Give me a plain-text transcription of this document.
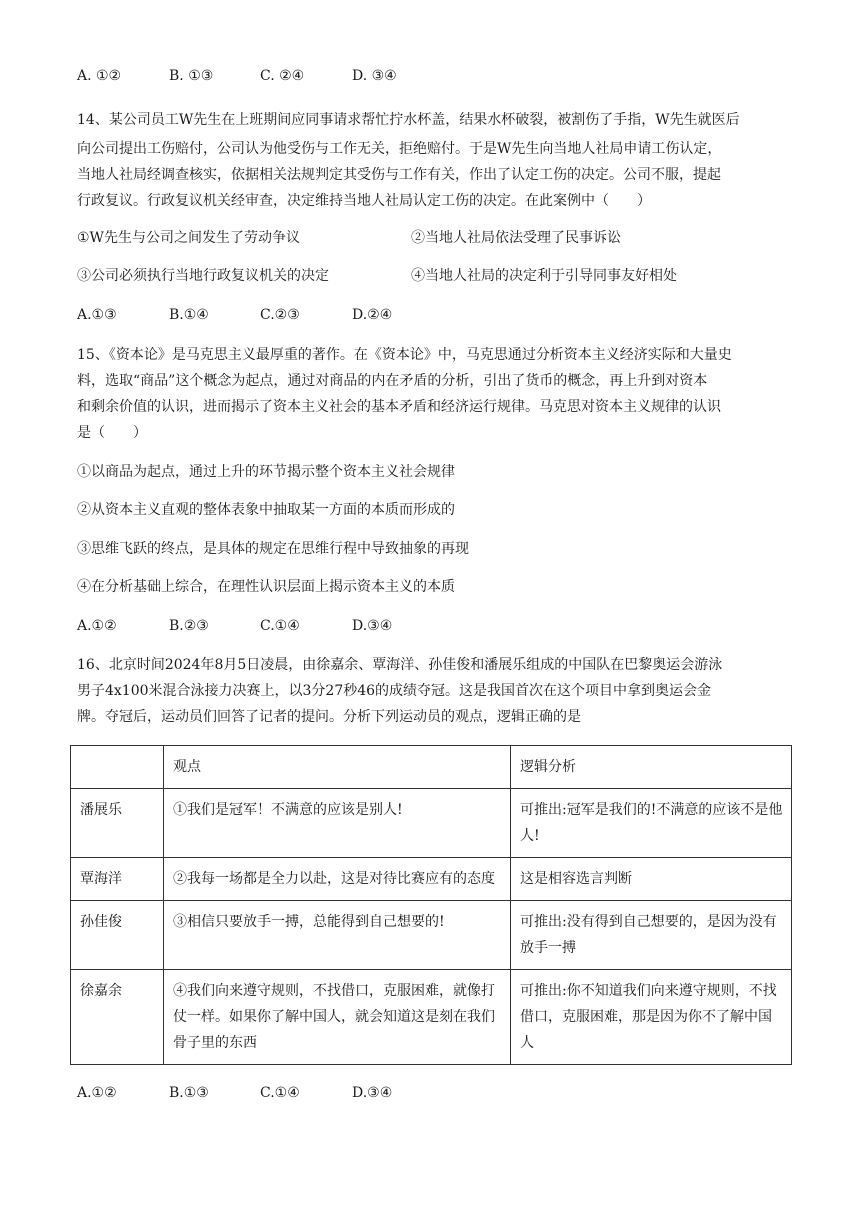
A. ①②	B. ①③	C. ②④	D. ③④
14、某公司员工W先生在上班期间应同事请求帮忙拧水杯盖，结果水杯破裂，被割伤了手指，W先生就医后
向公司提出工伤赔付，公司认为他受伤与工作无关，拒绝赔付。于是W先生向当地人社局申请工伤认定，
当地人社局经调查核实，依据相关法规判定其受伤与工作有关，作出了认定工伤的决定。公司不服，提起
行政复议。行政复议机关经审查，决定维持当地人社局认定工伤的决定。在此案例中（　　）
①W先生与公司之间发生了劳动争议	②当地人社局依法受理了民事诉讼
③公司必须执行当地行政复议机关的决定	④当地人社局的决定利于引导同事友好相处
A.①③	B.①④	C.②③	D.②④
15、《资本论》是马克思主义最厚重的著作。在《资本论》中，马克思通过分析资本主义经济实际和大量史
料，选取“商品”这个概念为起点，通过对商品的内在矛盾的分析，引出了货币的概念，再上升到对资本
和剩余价值的认识，进而揭示了资本主义社会的基本矛盾和经济运行规律。马克思对资本主义规律的认识
是（　　）
①以商品为起点，通过上升的环节揭示整个资本主义社会规律
②从资本主义直观的整体表象中抽取某一方面的本质而形成的
③思维飞跃的终点，是具体的规定在思维行程中导致抽象的再现
④在分析基础上综合，在理性认识层面上揭示资本主义的本质
A.①②	B.②③	C.①④	D.③④
16、北京时间2024年8月5日凌晨，由徐嘉余、覃海洋、孙佳俊和潘展乐组成的中国队在巴黎奥运会游泳
男子4x100米混合泳接力决赛上，以3分27秒46的成绩夺冠。这是我国首次在这个项目中拿到奥运会金
牌。夺冠后，运动员们回答了记者的提问。分析下列运动员的观点，逻辑正确的是
	观点	逻辑分析
潘展乐	①我们是冠军！不满意的应该是别人!	可推出:冠军是我们的!不满意的应该不是他人!
覃海洋	②我每一场都是全力以赴，这是对待比赛应有的态度	这是相容选言判断
孙佳俊	③相信只要放手一搏，总能得到自己想要的!	可推出:没有得到自己想要的，是因为没有放手一搏
徐嘉余	④我们向来遵守规则，不找借口，克服困难，就像打仗一样。如果你了解中国人，就会知道这是刻在我们骨子里的东西	可推出:你不知道我们向来遵守规则，不找借口，克服困难，那是因为你不了解中国人
A.①②	B.①③	C.①④	D.③④
